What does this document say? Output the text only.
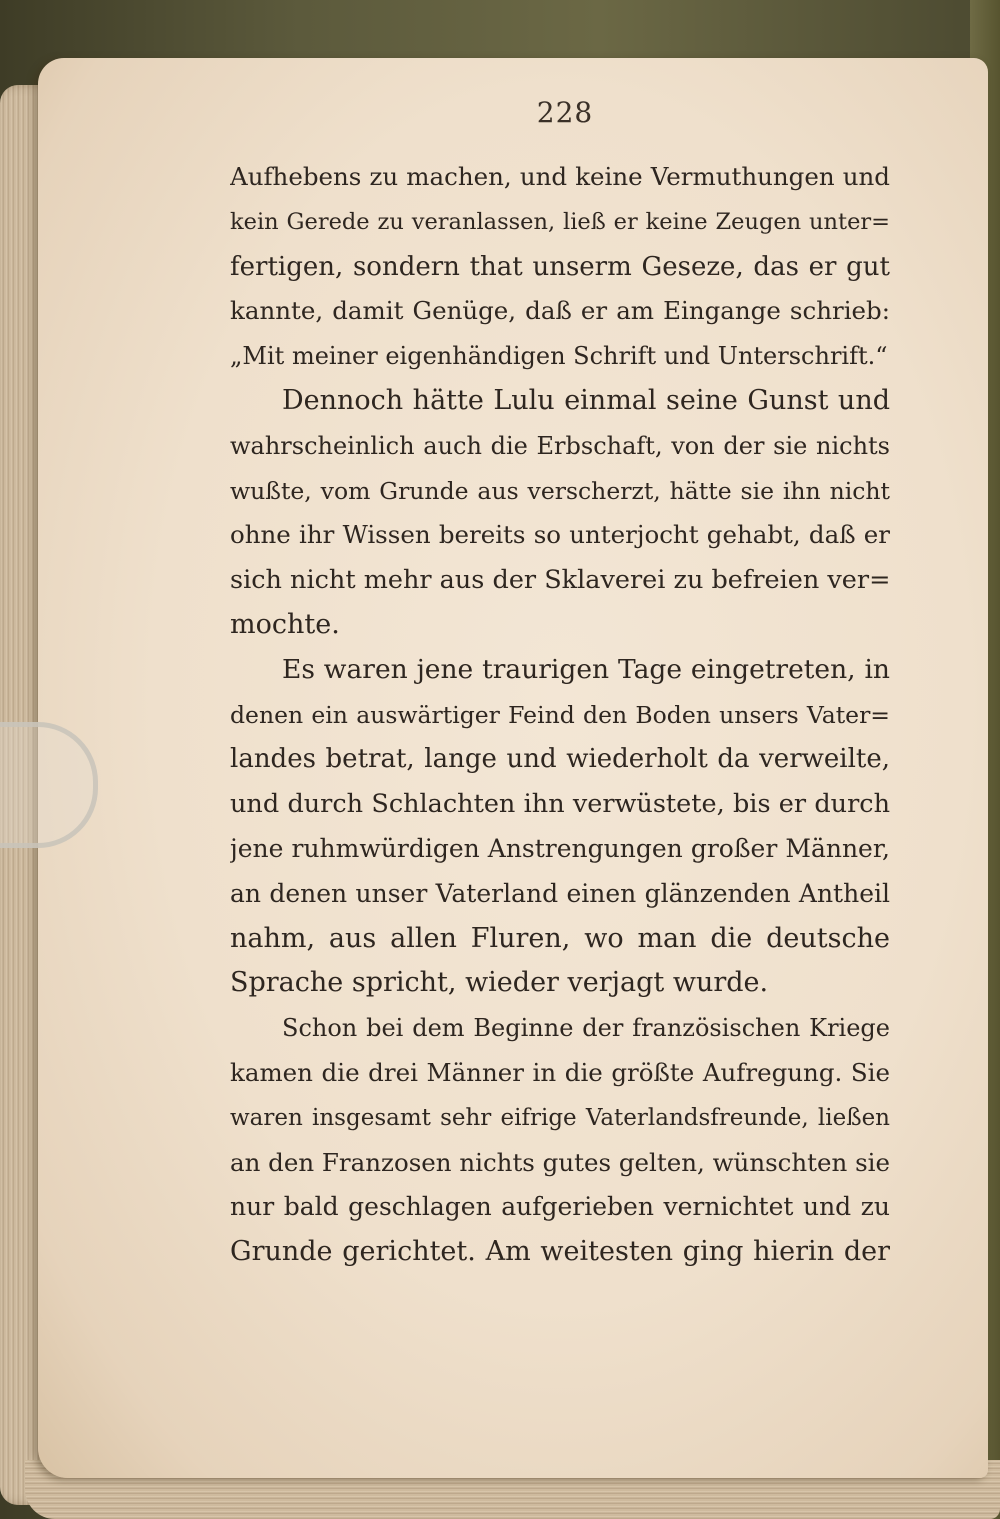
228
Aufhebens zu machen, und keine Vermuthungen und
kein Gerede zu veranlassen, ließ er keine Zeugen unter=
fertigen, sondern that unserm Geseze, das er gut
kannte, damit Genüge, daß er am Eingange schrieb:
„Mit meiner eigenhändigen Schrift und Unterschrift.“
Dennoch hätte Lulu einmal seine Gunst und
wahrscheinlich auch die Erbschaft, von der sie nichts
wußte, vom Grunde aus verscherzt, hätte sie ihn nicht
ohne ihr Wissen bereits so unterjocht gehabt, daß er
sich nicht mehr aus der Sklaverei zu befreien ver=
mochte.
Es waren jene traurigen Tage eingetreten, in
denen ein auswärtiger Feind den Boden unsers Vater=
landes betrat, lange und wiederholt da verweilte,
und durch Schlachten ihn verwüstete, bis er durch
jene ruhmwürdigen Anstrengungen großer Männer,
an denen unser Vaterland einen glänzenden Antheil
nahm, aus allen Fluren, wo man die deutsche
Sprache spricht, wieder verjagt wurde.
Schon bei dem Beginne der französischen Kriege
kamen die drei Männer in die größte Aufregung. Sie
waren insgesamt sehr eifrige Vaterlandsfreunde, ließen
an den Franzosen nichts gutes gelten, wünschten sie
nur bald geschlagen aufgerieben vernichtet und zu
Grunde gerichtet. Am weitesten ging hierin der
